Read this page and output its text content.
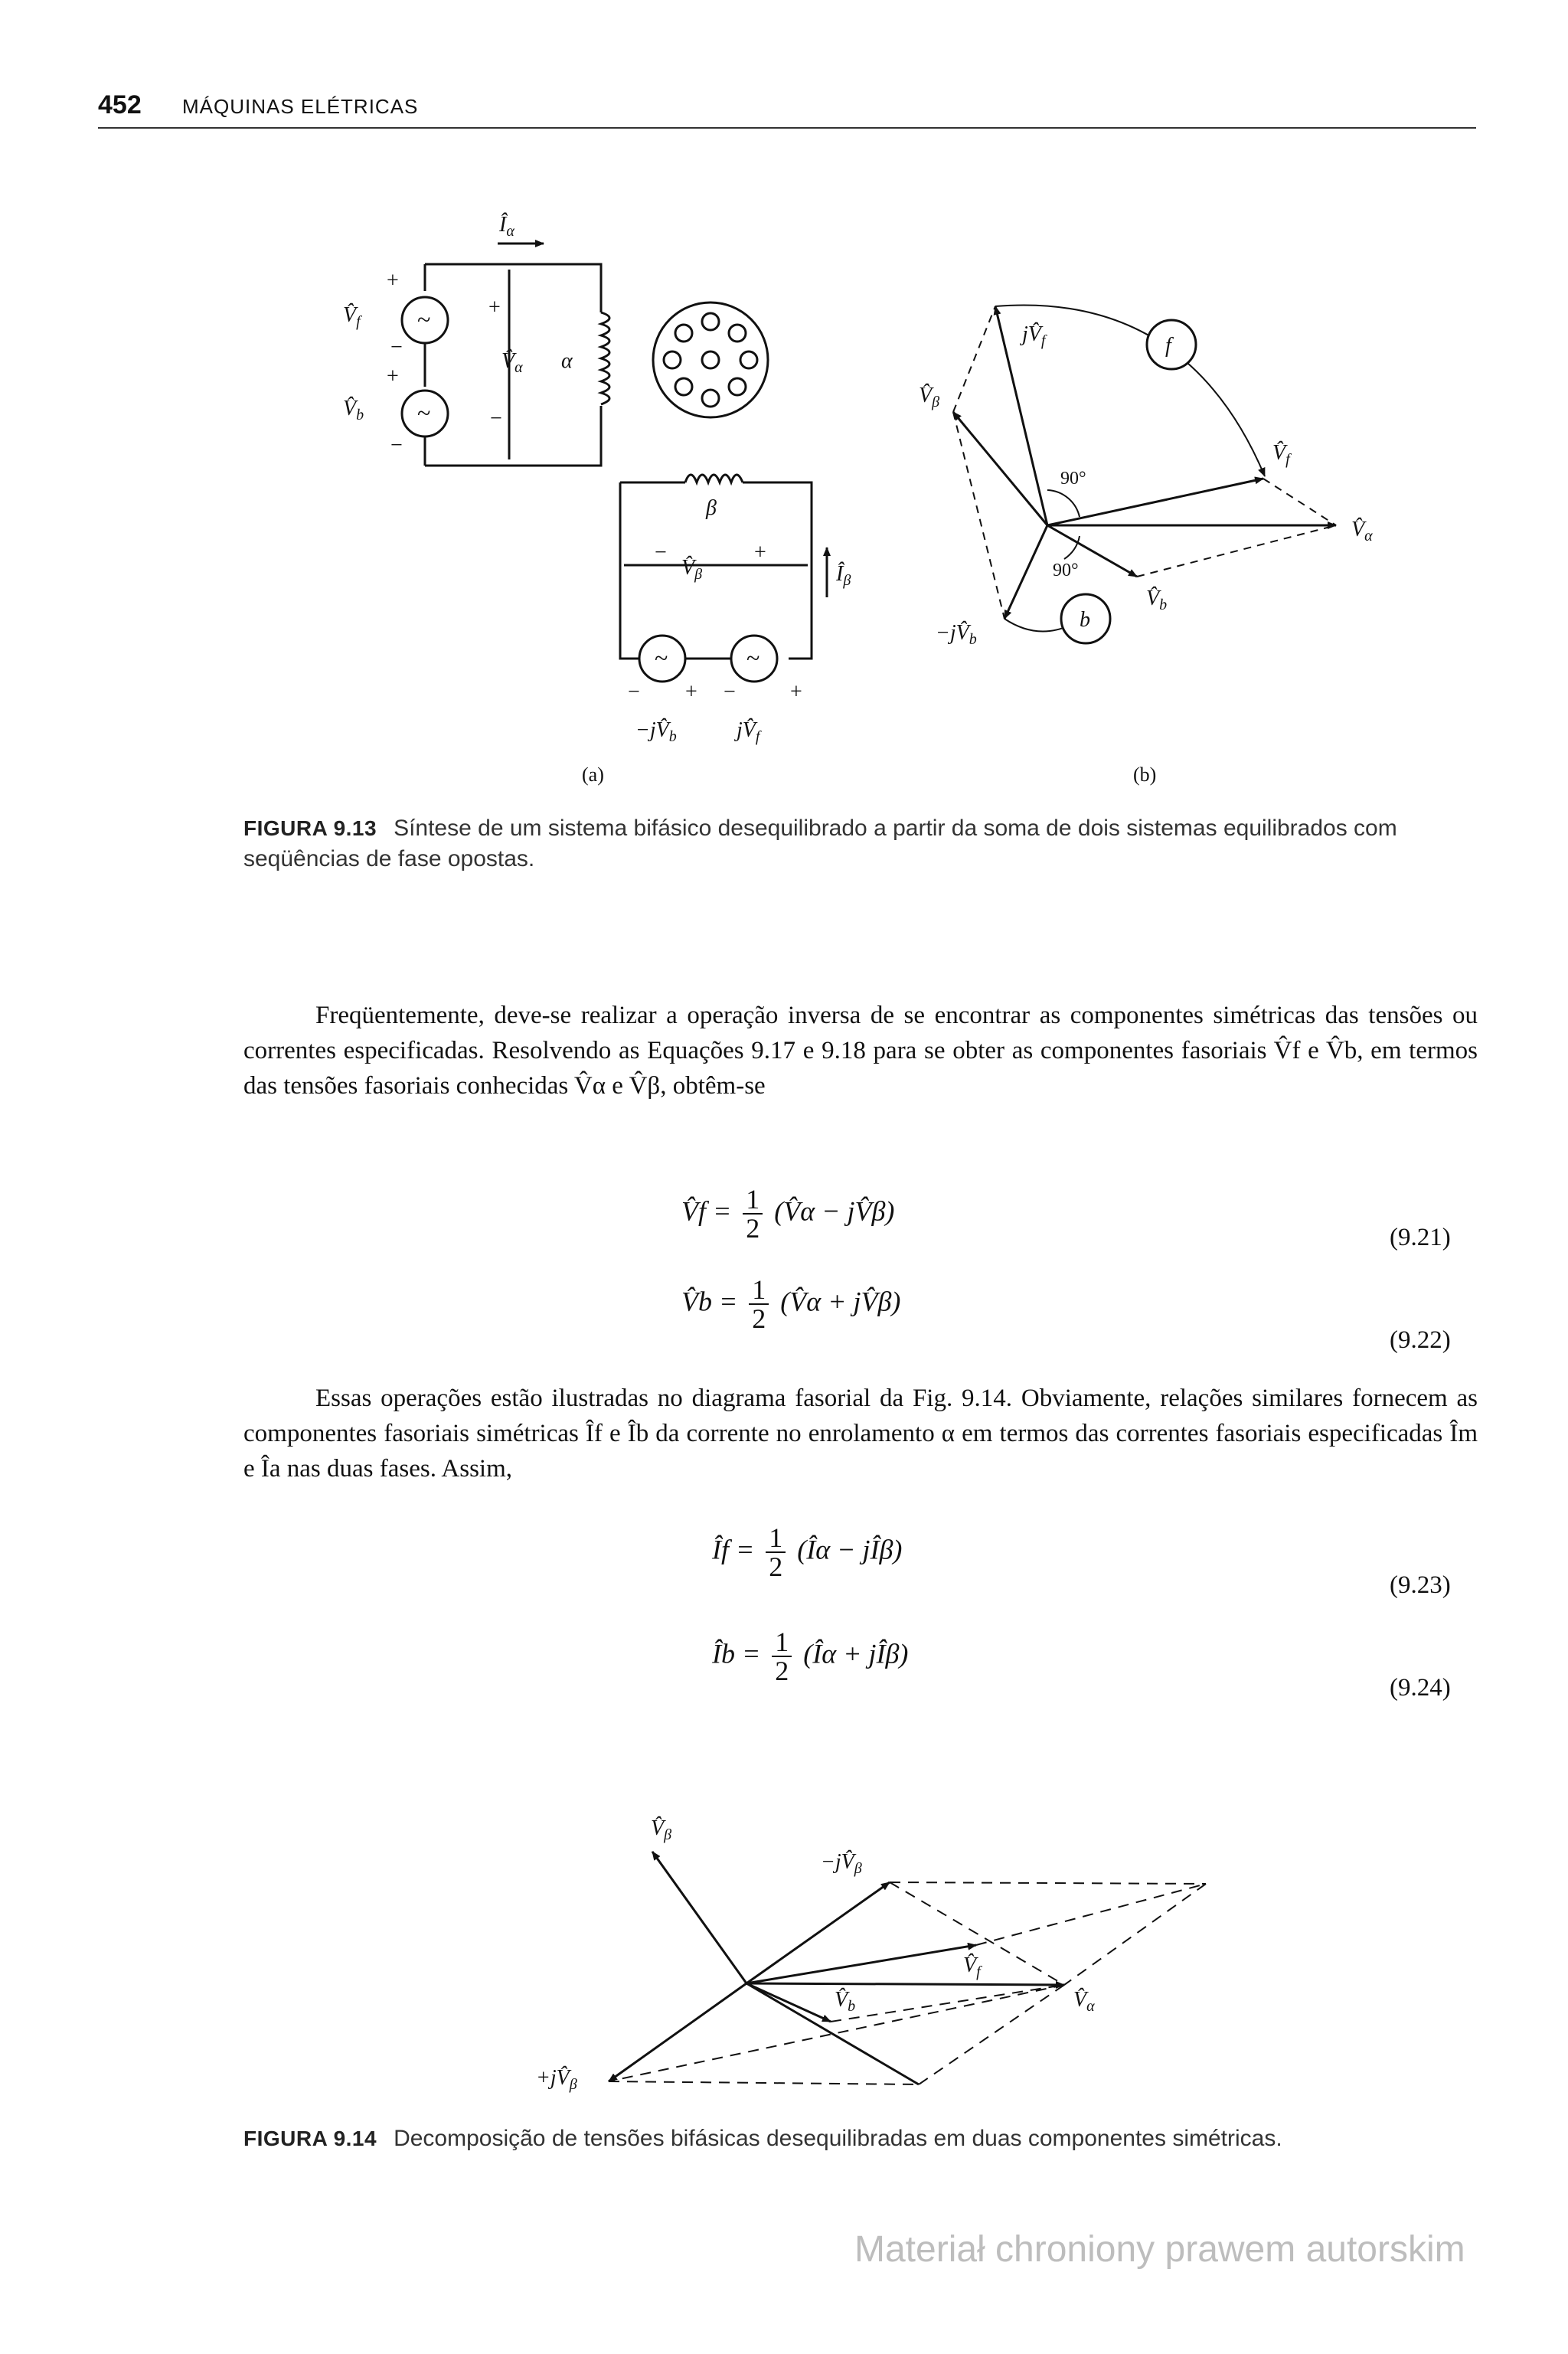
452 MÁQUINAS ELÉTRICAS
$Î_\alpha$
$V̂_f$
$V̂_b$
+
−
+
−
~
~
+
−
$V̂_\alpha$ α
β
−
$V̂_\beta$
+
$Î_\beta$
~	~
− + −	+
$-jV̂_b$	$jV̂_f$
(a)
$jV̂_f$
$V̂_\beta$
f
b
$V̂_f$
$V̂_\alpha$
$V̂_b$
$-jV̂_b$
90°
90°
(b)
FIGURA 9.13 Síntese de um sistema bifásico desequilibrado a partir da soma de dois sistemas equilibrados com seqüências de fase opostas.
Freqüentemente, deve-se realizar a operação inversa de se encontrar as componentes simétricas das tensões ou correntes especificadas. Resolvendo as Equações 9.17 e 9.18 para se obter as componentes fasoriais V̂f e V̂b, em termos das tensões fasoriais conhecidas V̂α e V̂β, obtêm-se
V̂f = $\frac{1}{2}$ (V̂α − jV̂β)
(9.21)
V̂b = $\frac{1}{2}$ (V̂α + jV̂β)
(9.22)
Essas operações estão ilustradas no diagrama fasorial da Fig. 9.14. Obviamente, relações similares fornecem as componentes fasoriais simétricas Îf e Îb da corrente no enrolamento α em termos das correntes fasoriais especificadas Îm e Îa nas duas fases. Assim,
Îf = $\frac{1}{2}$ (Îα − jÎβ)
(9.23)
Îb = $\frac{1}{2}$ (Îα + jÎβ)
(9.24)
$V̂_\beta$
$-jV̂_\beta$
$V̂_f$
$V̂_b$	$V̂_\alpha$
$+jV̂_\beta$
FIGURA 9.14 Decomposição de tensões bifásicas desequilibradas em duas componentes simétricas.
Materiał chroniony prawem autorskim
